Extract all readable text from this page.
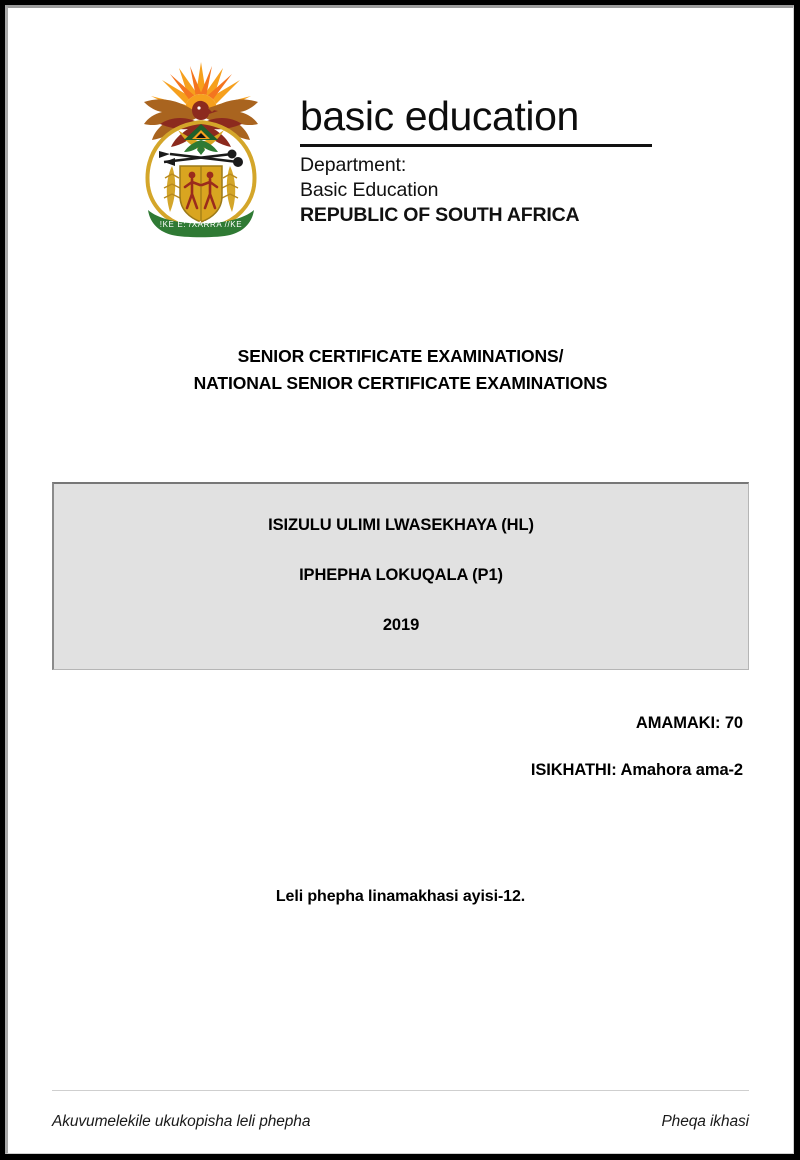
!KE E: /XARRA //KE
basic education
Department:
Basic Education
REPUBLIC OF SOUTH AFRICA
SENIOR CERTIFICATE EXAMINATIONS/
NATIONAL SENIOR CERTIFICATE EXAMINATIONS
ISIZULU ULIMI LWASEKHAYA (HL)
IPHEPHA LOKUQALA (P1)
2019
AMAMAKI: 70
ISIKHATHI: Amahora ama-2
Leli phepha linamakhasi ayisi-12.
Akuvumelekile ukukopisha leli phepha	Pheqa ikhasi
